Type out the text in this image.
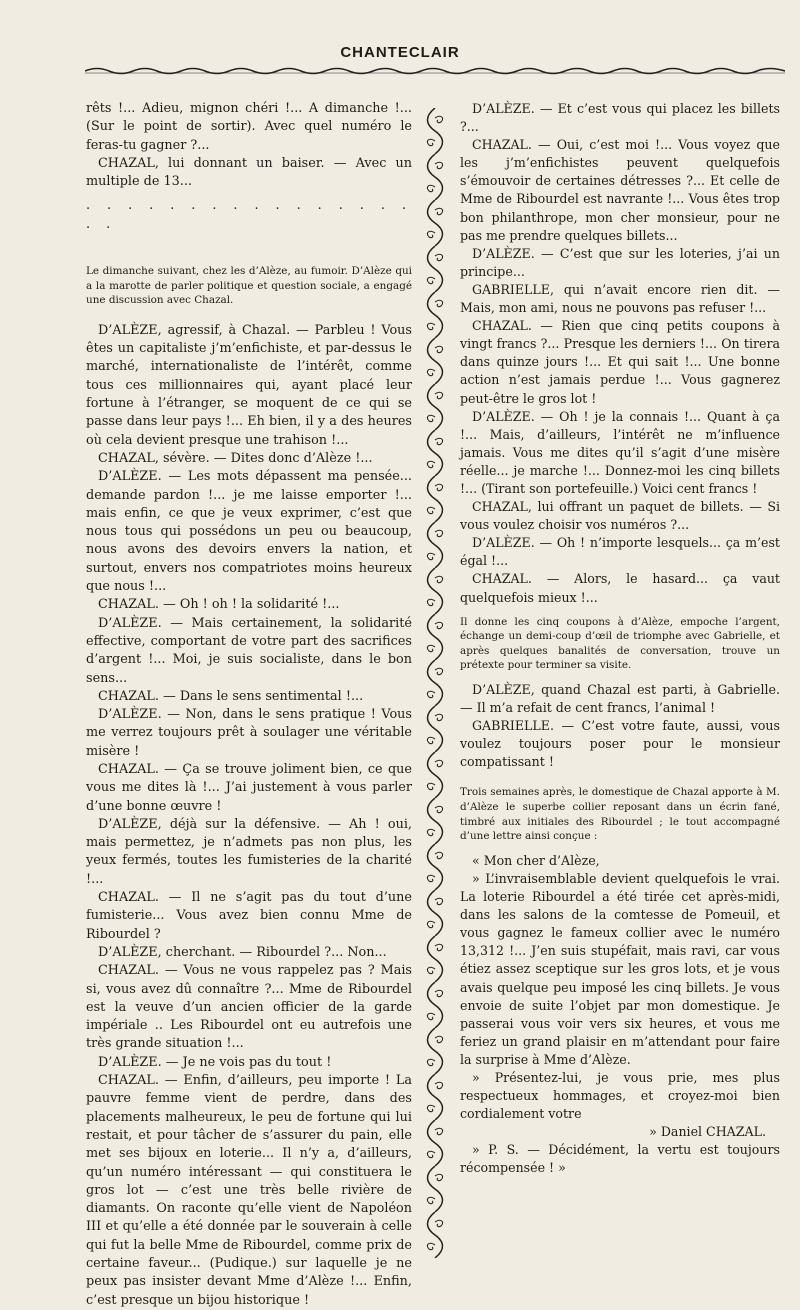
CHANTECLAIR

rêts !... Adieu, mignon chéri !... A dimanche !... (Sur le point de sortir). Avec quel numéro le feras-tu gagner ?...

CHAZAL, lui donnant un baiser. — Avec un multiple de 13...

. . . . . . . . . . . . . . . . . .

Le dimanche suivant, chez les d’Alèze, au fumoir. D’Alèze qui a la marotte de parler politique et question sociale, a engagé une discussion avec Chazal.

D’ALÈZE, agressif, à Chazal. — Parbleu ! Vous êtes un capitaliste j’m’enfichiste, et par-dessus le marché, internationaliste de l’intérêt, comme tous ces millionnaires qui, ayant placé leur fortune à l’étranger, se moquent de ce qui se passe dans leur pays !... Eh bien, il y a des heures où cela devient presque une trahison !...

CHAZAL, sévère. — Dites donc d’Alèze !...

D’ALÈZE. — Les mots dépassent ma pensée... demande pardon !... je me laisse emporter !... mais enfin, ce que je veux exprimer, c’est que nous tous qui possédons un peu ou beaucoup, nous avons des devoirs envers la nation, et surtout, envers nos compatriotes moins heureux que nous !...

CHAZAL. — Oh ! oh ! la solidarité !...

D’ALÈZE. — Mais certainement, la solidarité effective, comportant de votre part des sacrifices d’argent !... Moi, je suis socialiste, dans le bon sens...

CHAZAL. — Dans le sens sentimental !...

D’ALÈZE. — Non, dans le sens pratique ! Vous me verrez toujours prêt à soulager une véritable misère !

CHAZAL. — Ça se trouve joliment bien, ce que vous me dites là !... J’ai justement à vous parler d’une bonne œuvre !

D’ALÈZE, déjà sur la défensive. — Ah ! oui, mais permettez, je n’admets pas non plus, les yeux fermés, toutes les fumisteries de la charité !...

CHAZAL. — Il ne s’agit pas du tout d’une fumisterie... Vous avez bien connu Mme de Ribourdel ?

D’ALÈZE, cherchant. — Ribourdel ?... Non...

CHAZAL. — Vous ne vous rappelez pas ? Mais si, vous avez dû connaître ?... Mme de Ribourdel est la veuve d’un ancien officier de la garde impériale .. Les Ribourdel ont eu autrefois une très grande situation !...

D’ALÈZE. — Je ne vois pas du tout !

CHAZAL. — Enfin, d’ailleurs, peu importe ! La pauvre femme vient de perdre, dans des placements malheureux, le peu de fortune qui lui restait, et pour tâcher de s’assurer du pain, elle met ses bijoux en loterie... Il n’y a, d’ailleurs, qu’un numéro intéressant — qui constituera le gros lot — c’est une très belle rivière de diamants. On raconte qu’elle vient de Napoléon III et qu’elle a été donnée par le souverain à celle qui fut la belle Mme de Ribourdel, comme prix de certaine faveur... (Pudique.) sur laquelle je ne peux pas insister devant Mme d’Alèze !... Enfin, c’est presque un bijou historique !

D’ALÈZE. — Et c’est vous qui placez les billets ?...

CHAZAL. — Oui, c’est moi !... Vous voyez que les j’m’enfichistes peuvent quelquefois s’émouvoir de certaines détresses ?... Et celle de Mme de Ribourdel est navrante !... Vous êtes trop bon philanthrope, mon cher monsieur, pour ne pas me prendre quelques billets...

D’ALÈZE. — C’est que sur les loteries, j’ai un principe...

GABRIELLE, qui n’avait encore rien dit. — Mais, mon ami, nous ne pouvons pas refuser !...

CHAZAL. — Rien que cinq petits coupons à vingt francs ?... Presque les derniers !... On tirera dans quinze jours !... Et qui sait !... Une bonne action n’est jamais perdue !... Vous gagnerez peut-être le gros lot !

D’ALÈZE. — Oh ! je la connais !... Quant à ça !... Mais, d’ailleurs, l’intérêt ne m’influence jamais. Vous me dites qu’il s’agit d’une misère réelle... je marche !... Donnez-moi les cinq billets !... (Tirant son portefeuille.) Voici cent francs !

CHAZAL, lui offrant un paquet de billets. — Si vous voulez choisir vos numéros ?...

D’ALÈZE. — Oh ! n’importe lesquels... ça m’est égal !...

CHAZAL. — Alors, le hasard... ça vaut quelquefois mieux !...

Il donne les cinq coupons à d’Alèze, empoche l’argent, échange un demi-coup d’œil de triomphe avec Gabrielle, et après quelques banalités de conversation, trouve un prétexte pour terminer sa visite.

D’ALÈZE, quand Chazal est parti, à Gabrielle. — Il m’a refait de cent francs, l’animal !

GABRIELLE. — C’est votre faute, aussi, vous voulez toujours poser pour le monsieur compatissant !

Trois semaines après, le domestique de Chazal apporte à M. d’Alèze le superbe collier reposant dans un écrin fané, timbré aux initiales des Ribourdel ; le tout accompagné d’une lettre ainsi conçue :

« Mon cher d’Alèze,

» L’invraisemblable devient quelquefois le vrai. La loterie Ribourdel a été tirée cet après-midi, dans les salons de la comtesse de Pomeuil, et vous gagnez le fameux collier avec le numéro 13,312 !... J’en suis stupéfait, mais ravi, car vous étiez assez sceptique sur les gros lots, et je vous avais quelque peu imposé les cinq billets. Je vous envoie de suite l’objet par mon domestique. Je passerai vous voir vers six heures, et vous me feriez un grand plaisir en m’attendant pour faire la surprise à Mme d’Alèze.

» Présentez-lui, je vous prie, mes plus respectueux hommages, et croyez-moi bien cordialement votre

» Daniel CHAZAL.

» P. S. — Décidément, la vertu est toujours récompensée ! »
